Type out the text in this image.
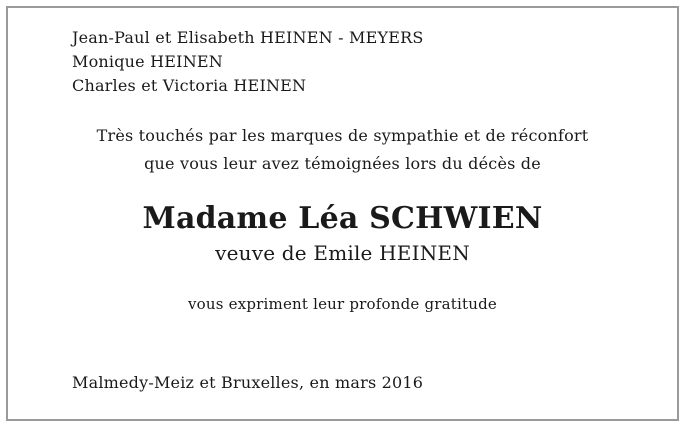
Jean-Paul et Elisabeth HEINEN - MEYERS
Monique HEINEN
Charles et Victoria HEINEN
Très touchés par les marques de sympathie et de réconfort
que vous leur avez témoignées lors du décès de
Madame Léa SCHWIEN
veuve de Emile HEINEN
vous expriment leur profonde gratitude
Malmedy-Meiz et Bruxelles, en mars 2016
